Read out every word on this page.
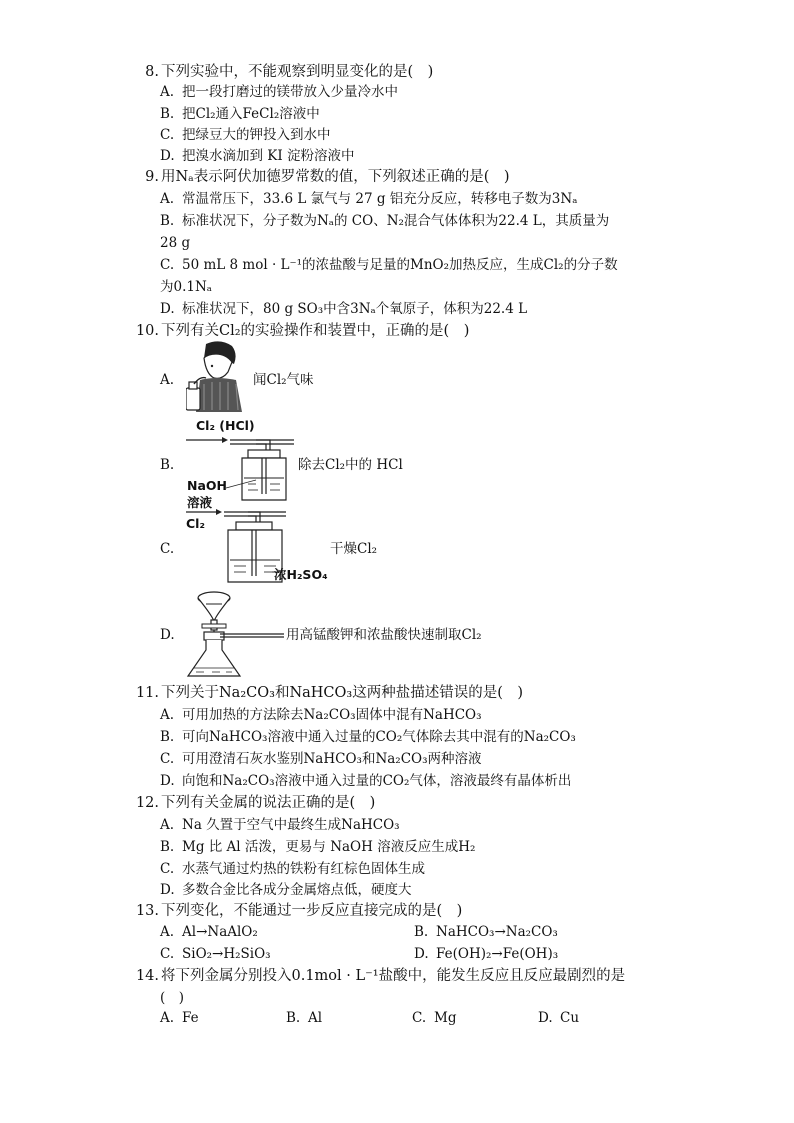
8. 下列实验中，不能观察到明显变化的是(　)
A. 把一段打磨过的镁带放入少量冷水中
B. 把Cl₂通入FeCl₂溶液中
C. 把绿豆大的钾投入到水中
D. 把溴水滴加到 KI 淀粉溶液中
9. 用Nₐ表示阿伏加德罗常数的值，下列叙述正确的是(　)
A. 常温常压下，33.6 L 氯气与 27 g 铝充分反应，转移电子数为3Nₐ
B. 标准状况下，分子数为Nₐ的 CO、N₂混合气体体积为22.4 L，其质量为
28 g
C. 50 mL 8 mol · L⁻¹的浓盐酸与足量的MnO₂加热反应，生成Cl₂的分子数
为0.1Nₐ
D. 标准状况下，80 g SO₃中含3Nₐ个氧原子，体积为22.4 L
10. 下列有关Cl₂的实验操作和装置中，正确的是(　)
A.	闻Cl₂气味
Cl₂ (HCl)
B.	除去Cl₂中的 HCl
NaOH
溶液
Cl₂
C.	干燥Cl₂
浓H₂SO₄
D.	用高锰酸钾和浓盐酸快速制取Cl₂
11. 下列关于Na₂CO₃和NaHCO₃这两种盐描述错误的是(　)
A. 可用加热的方法除去Na₂CO₃固体中混有NaHCO₃
B. 可向NaHCO₃溶液中通入过量的CO₂气体除去其中混有的Na₂CO₃
C. 可用澄清石灰水鉴别NaHCO₃和Na₂CO₃两种溶液
D. 向饱和Na₂CO₃溶液中通入过量的CO₂气体，溶液最终有晶体析出
12. 下列有关金属的说法正确的是(　)
A. Na 久置于空气中最终生成NaHCO₃
B. Mg 比 Al 活泼，更易与 NaOH 溶液反应生成H₂
C. 水蒸气通过灼热的铁粉有红棕色固体生成
D. 多数合金比各成分金属熔点低，硬度大
13. 下列变化，不能通过一步反应直接完成的是(　)
A. Al→NaAlO₂	B. NaHCO₃→Na₂CO₃
C. SiO₂→H₂SiO₃	D. Fe(OH)₂→Fe(OH)₃
14. 将下列金属分别投入0.1mol · L⁻¹盐酸中，能发生反应且反应最剧烈的是
(　)
A. Fe	B. Al	C. Mg	D. Cu
